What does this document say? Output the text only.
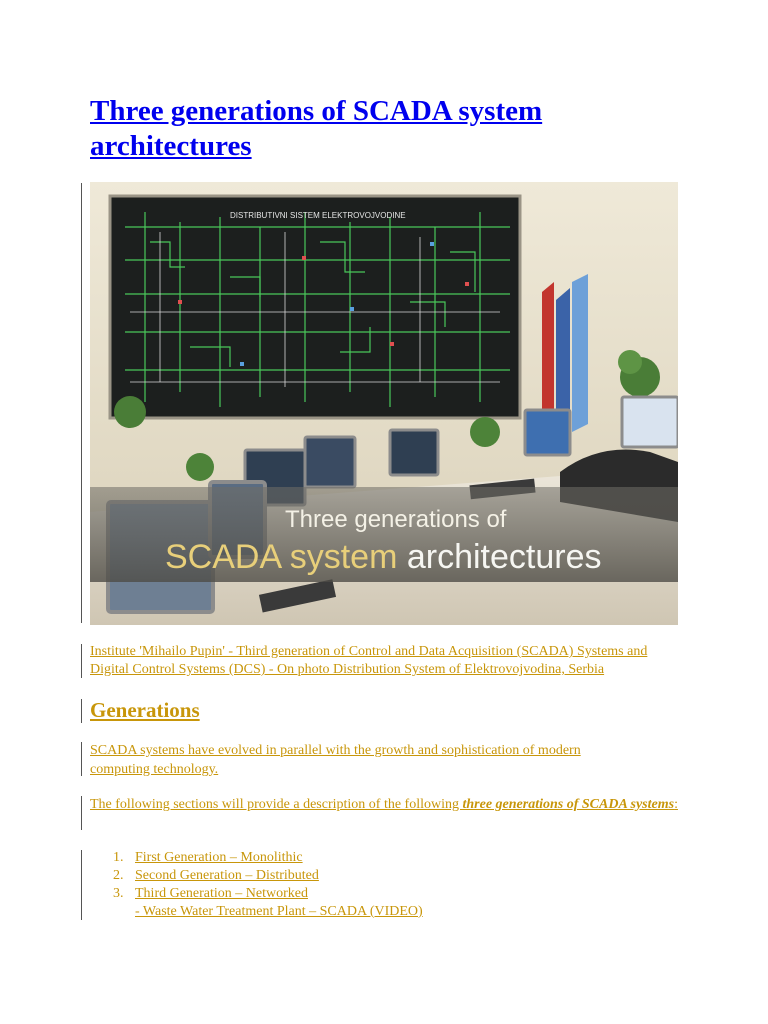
Three generations of SCADA system architectures
Three generations of
SCADA system architectures
DISTRIBUTIVNI SISTEM ELEKTROVOJVODINE

Institute 'Mihailo Pupin' - Third generation of Control and Data Acquisition (SCADA) Systems and Digital Control Systems (DCS) - On photo Distribution System of Elektrovojvodina, Serbia

Generations

SCADA systems have evolved in parallel with the growth and sophistication of modern computing technology.

The following sections will provide a description of the following three generations of SCADA systems:

1. First Generation – Monolithic
2. Second Generation – Distributed
3. Third Generation – Networked
- Waste Water Treatment Plant – SCADA (VIDEO)
